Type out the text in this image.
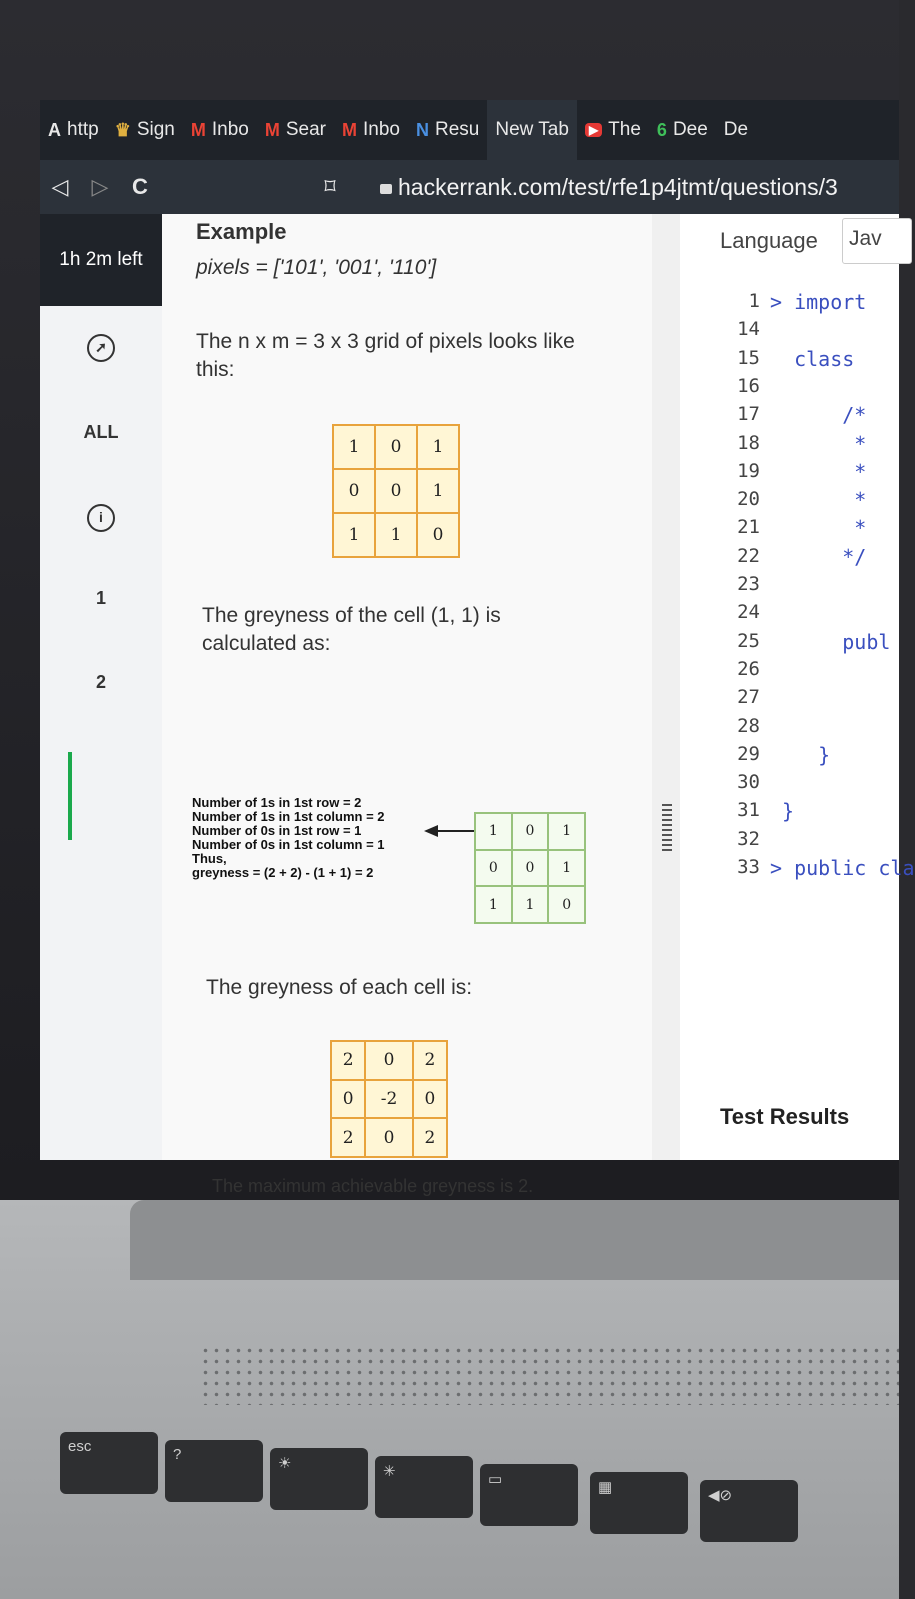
A http ♛ Sign M Inbo M Sear M Inbo N Resu New Tab	▶ The 6 Dee De
◁	▷	C	⌑	hackerrank.com/test/rfe1p4jtmt/questions/3
1h 2m left
➚
ALL
i
1
2
Example
pixels = ['101', '001', '110']
The n x m = 3 x 3 grid of pixels looks like
this:
1	0	1
0	0	1
1	1	0
The greyness of the cell (1, 1) is
calculated as:
Number of 1s in 1st row = 2
Number of 1s in 1st column = 2
Number of 0s in 1st row = 1
Number of 0s in 1st column = 1
Thus,
greyness = (2 + 2) - (1 + 1) = 2
1	0	1
0	0	1
1	1	0
The greyness of each cell is:
2	0	2
0	-2	0
2	0	2
The maximum achievable greyness is 2.
Language	Jav
1 > import
14
15 class
16
17 /*
18 *
19 *
20 *
21 *
22 */
23
24
25 publ
26
27
28
29 }
30
31 }
32
33 > public cla
Test Results
esc	?
☀	✳	▭	▦	◀⊘
